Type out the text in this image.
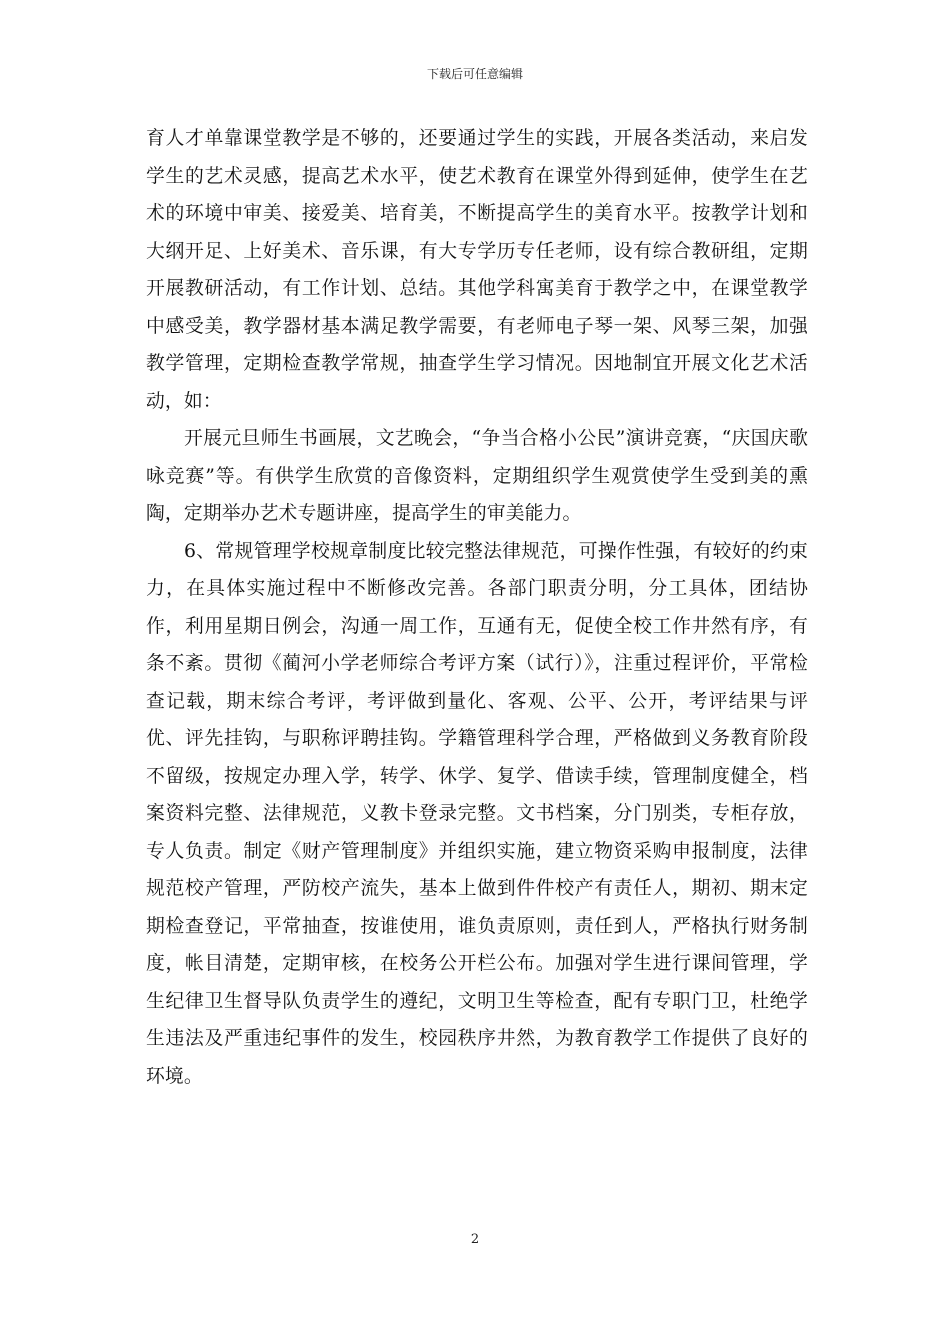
下载后可任意编辑

育人才单靠课堂教学是不够的，还要通过学生的实践，开展各类活动，来启发学生的艺术灵感，提高艺术水平，使艺术教育在课堂外得到延伸，使学生在艺术的环境中审美、接爱美、培育美，不断提高学生的美育水平。按教学计划和大纲开足、上好美术、音乐课，有大专学历专任老师，设有综合教研组，定期开展教研活动，有工作计划、总结。其他学科寓美育于教学之中，在课堂教学中感受美，教学器材基本满足教学需要，有老师电子琴一架、风琴三架，加强教学管理，定期检查教学常规，抽查学生学习情况。因地制宜开展文化艺术活动，如：

开展元旦师生书画展，文艺晚会，“争当合格小公民”演讲竞赛，“庆国庆歌咏竞赛”等。有供学生欣赏的音像资料，定期组织学生观赏使学生受到美的熏陶，定期举办艺术专题讲座，提高学生的审美能力。

6、常规管理学校规章制度比较完整法律规范，可操作性强，有较好的约束力，在具体实施过程中不断修改完善。各部门职责分明，分工具体，团结协作，利用星期日例会，沟通一周工作，互通有无，促使全校工作井然有序，有条不紊。贯彻《蔺河小学老师综合考评方案（试行）》，注重过程评价，平常检查记载，期末综合考评，考评做到量化、客观、公平、公开，考评结果与评优、评先挂钩，与职称评聘挂钩。学籍管理科学合理，严格做到义务教育阶段不留级，按规定办理入学，转学、休学、复学、借读手续，管理制度健全，档案资料完整、法律规范，义教卡登录完整。文书档案，分门别类，专柜存放，专人负责。制定《财产管理制度》并组织实施，建立物资采购申报制度，法律规范校产管理，严防校产流失，基本上做到件件校产有责任人，期初、期末定期检查登记，平常抽查，按谁使用，谁负责原则，责任到人，严格执行财务制度，帐目清楚，定期审核，在校务公开栏公布。加强对学生进行课间管理，学生纪律卫生督导队负责学生的遵纪，文明卫生等检查，配有专职门卫，杜绝学生违法及严重违纪事件的发生，校园秩序井然，为教育教学工作提供了良好的环境。

2
